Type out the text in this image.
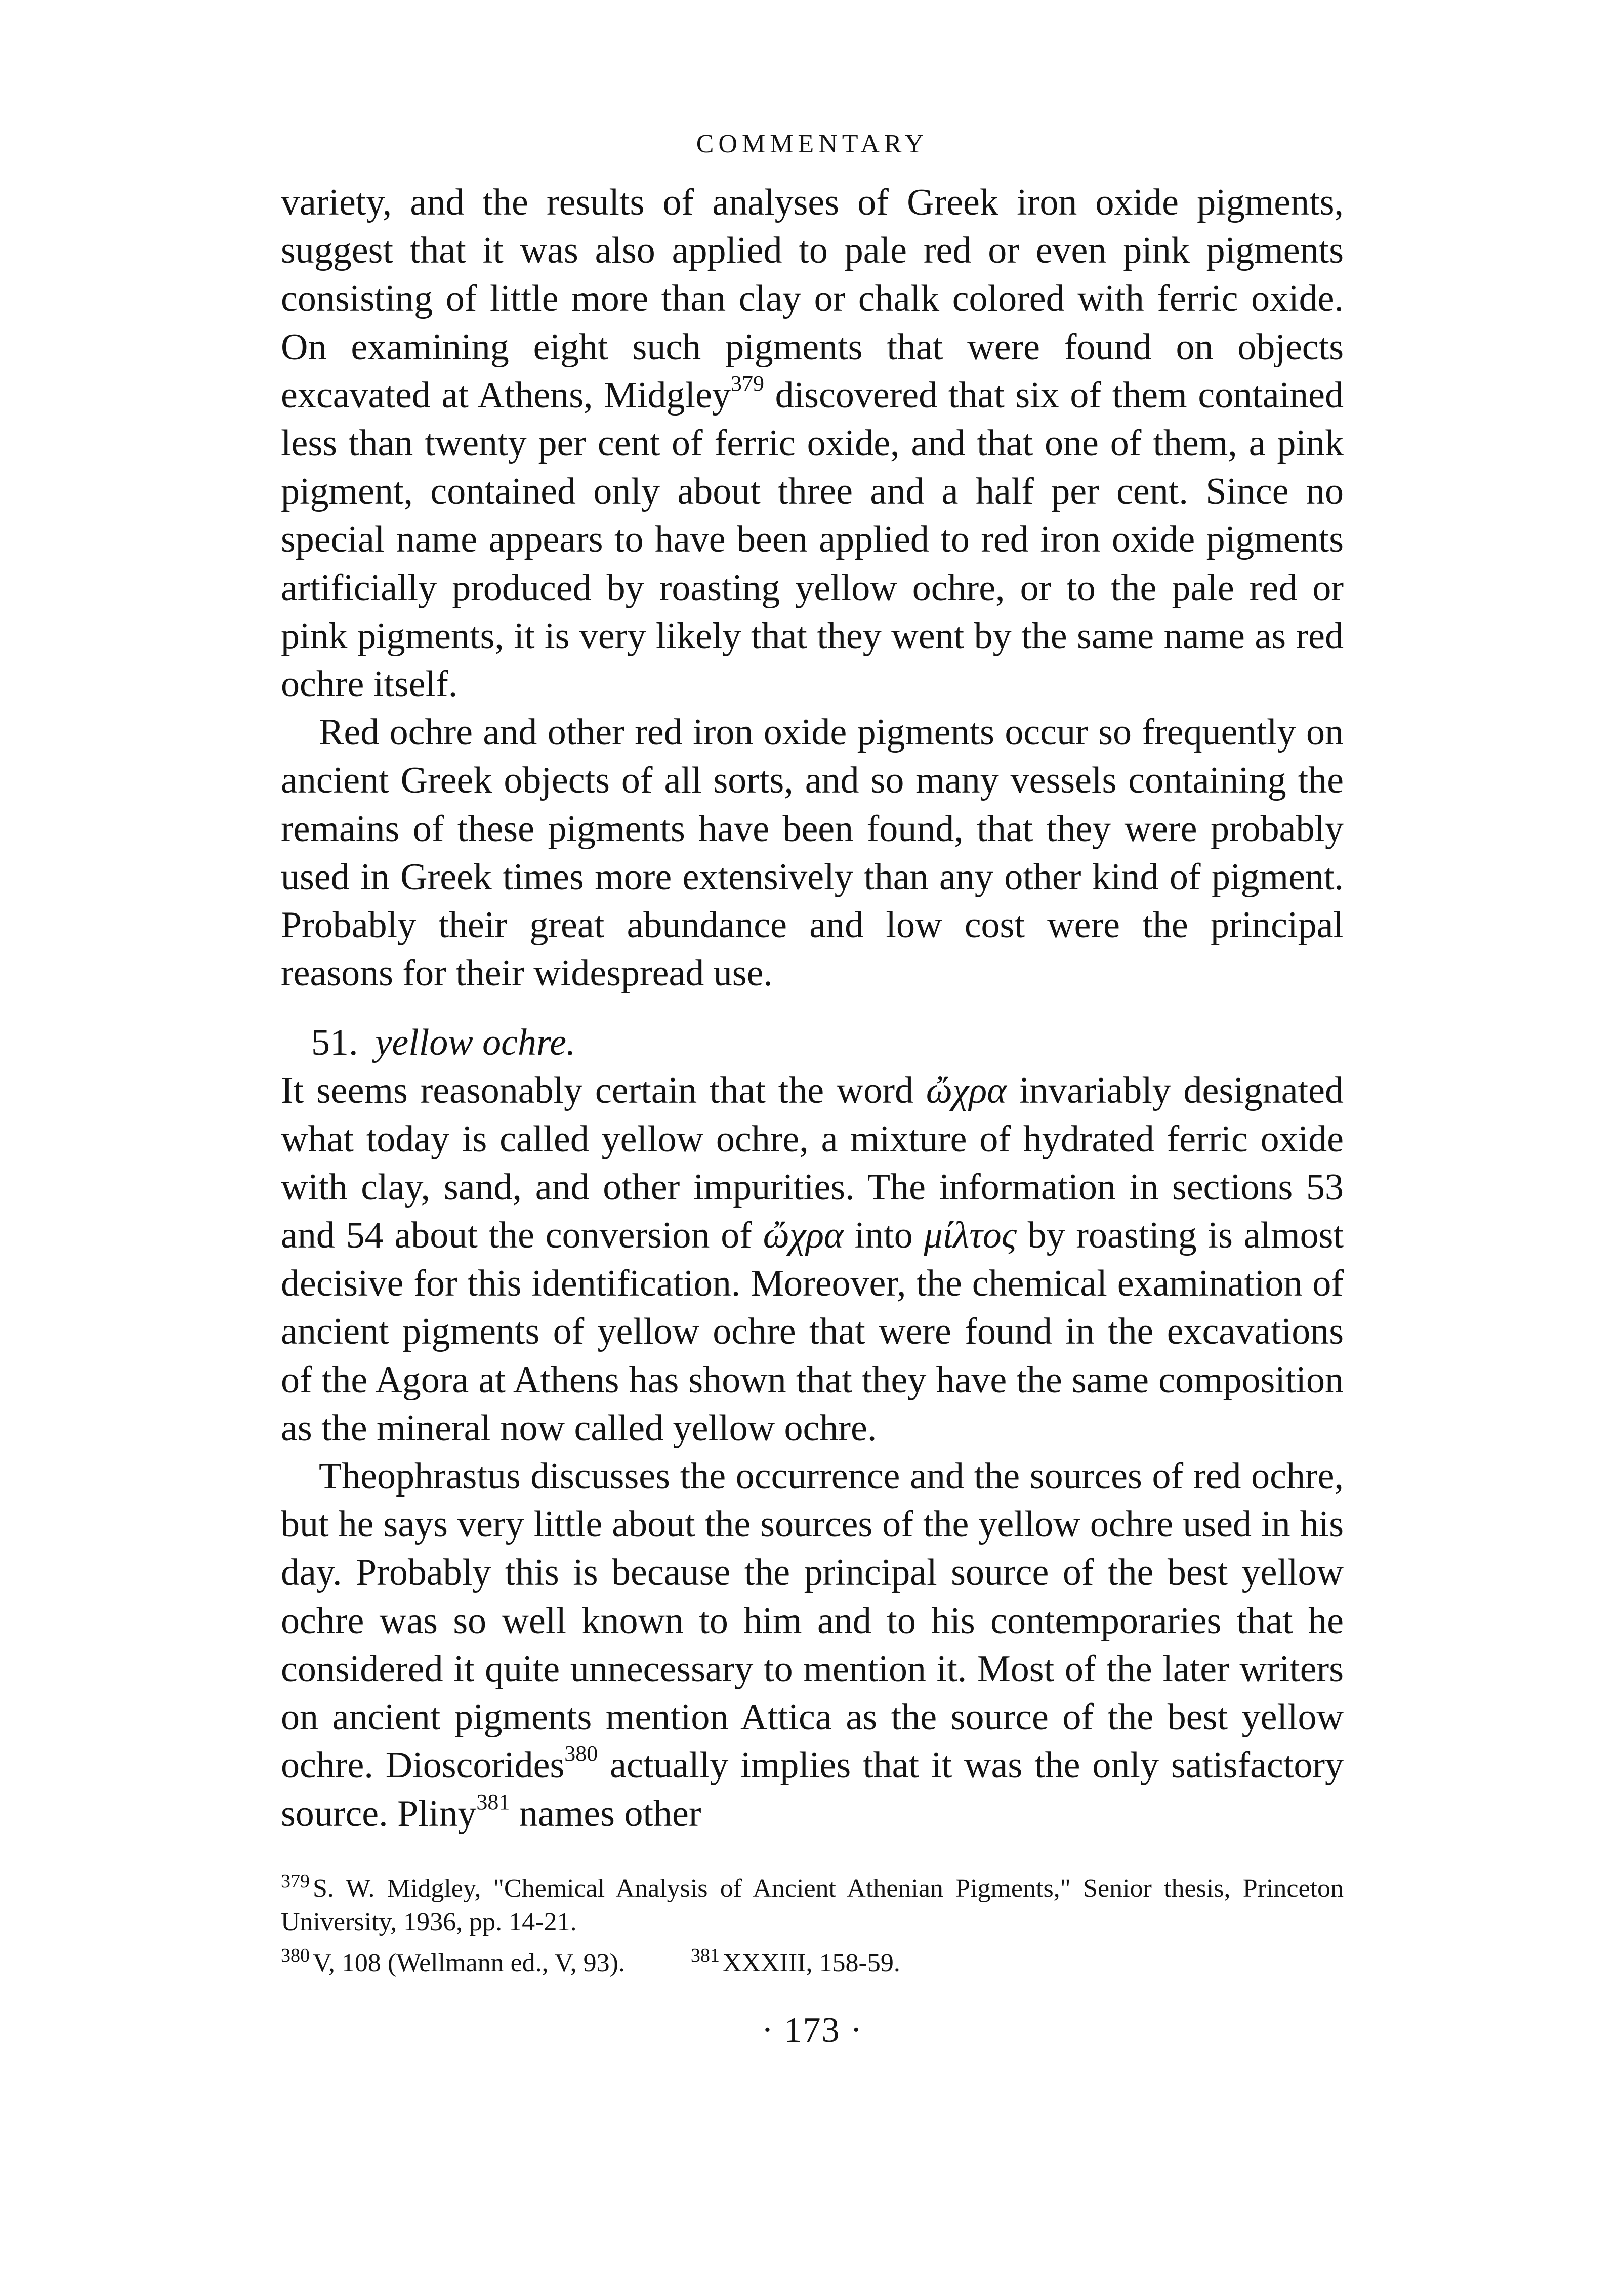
COMMENTARY

variety, and the results of analyses of Greek iron oxide pigments, suggest that it was also applied to pale red or even pink pigments consisting of little more than clay or chalk colored with ferric oxide. On examining eight such pigments that were found on objects excavated at Athens, Midgley$^{379}$ discovered that six of them contained less than twenty per cent of ferric oxide, and that one of them, a pink pigment, contained only about three and a half per cent. Since no special name appears to have been applied to red iron oxide pigments artificially produced by roasting yellow ochre, or to the pale red or pink pigments, it is very likely that they went by the same name as red ochre itself.

Red ochre and other red iron oxide pigments occur so frequently on ancient Greek objects of all sorts, and so many vessels containing the remains of these pigments have been found, that they were probably used in Greek times more extensively than any other kind of pigment. Probably their great abundance and low cost were the principal reasons for their widespread use.

51. yellow ochre.

It seems reasonably certain that the word ὤχρα invariably designated what today is called yellow ochre, a mixture of hydrated ferric oxide with clay, sand, and other impurities. The information in sections 53 and 54 about the conversion of ὤχρα into μίλτος by roasting is almost decisive for this identification. Moreover, the chemical examination of ancient pigments of yellow ochre that were found in the excavations of the Agora at Athens has shown that they have the same composition as the mineral now called yellow ochre.

Theophrastus discusses the occurrence and the sources of red ochre, but he says very little about the sources of the yellow ochre used in his day. Probably this is because the principal source of the best yellow ochre was so well known to him and to his contemporaries that he considered it quite unnecessary to mention it. Most of the later writers on ancient pigments mention Attica as the source of the best yellow ochre. Dioscorides$^{380}$ actually implies that it was the only satisfactory source. Pliny$^{381}$ names other

$^{379}$ S. W. Midgley, "Chemical Analysis of Ancient Athenian Pigments," Senior thesis, Princeton University, 1936, pp. 14-21.

$^{380}$ V, 108 (Wellmann ed., V, 93).	$^{381}$ XXXIII, 158-59.
· 173 ·
